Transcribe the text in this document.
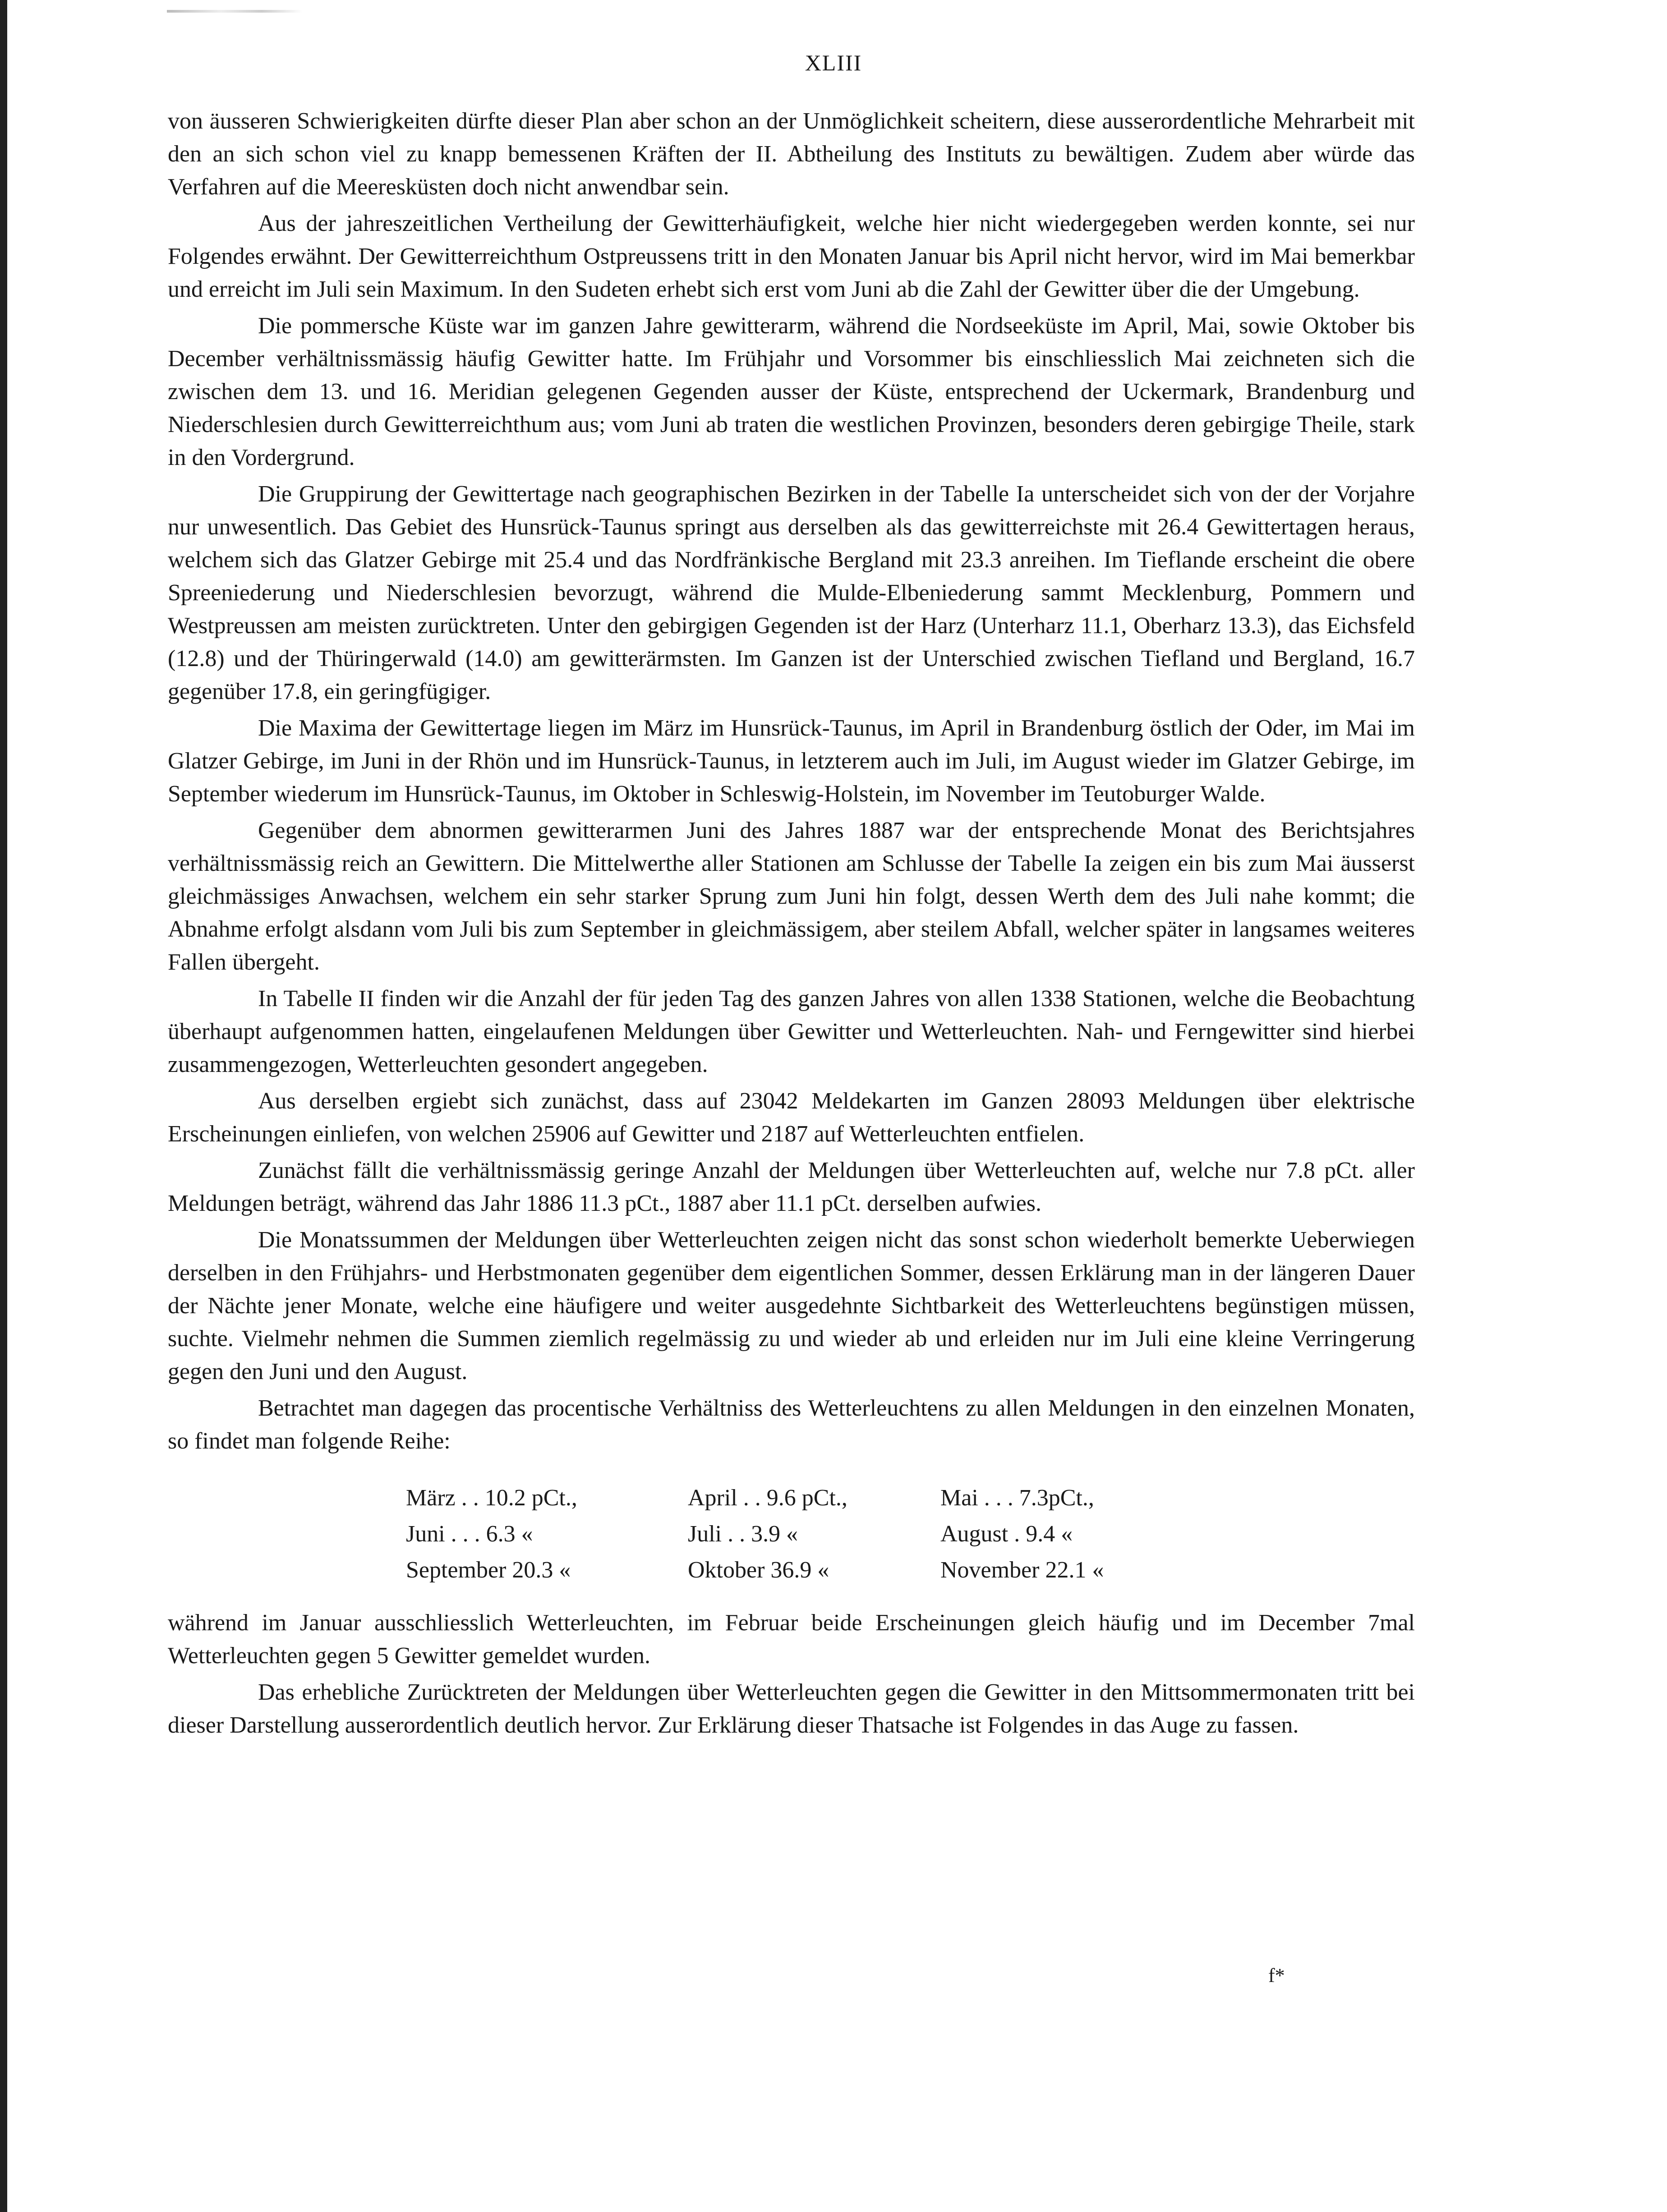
XLIII

von äusseren Schwierigkeiten dürfte dieser Plan aber schon an der Unmöglichkeit scheitern, diese ausserordentliche Mehrarbeit mit den an sich schon viel zu knapp bemessenen Kräften der II. Abtheilung des Instituts zu bewältigen. Zudem aber würde das Verfahren auf die Meeresküsten doch nicht anwendbar sein.

Aus der jahreszeitlichen Vertheilung der Gewitterhäufigkeit, welche hier nicht wiedergegeben werden konnte, sei nur Folgendes erwähnt. Der Gewitterreichthum Ostpreussens tritt in den Monaten Januar bis April nicht hervor, wird im Mai bemerkbar und erreicht im Juli sein Maximum. In den Sudeten erhebt sich erst vom Juni ab die Zahl der Gewitter über die der Umgebung.

Die pommersche Küste war im ganzen Jahre gewitterarm, während die Nordseeküste im April, Mai, sowie Oktober bis December verhältnissmässig häufig Gewitter hatte. Im Frühjahr und Vorsommer bis einschliesslich Mai zeichneten sich die zwischen dem 13. und 16. Meridian gelegenen Gegenden ausser der Küste, entsprechend der Uckermark, Brandenburg und Niederschlesien durch Gewitterreichthum aus; vom Juni ab traten die westlichen Provinzen, besonders deren gebirgige Theile, stark in den Vordergrund.

Die Gruppirung der Gewittertage nach geographischen Bezirken in der Tabelle Ia unterscheidet sich von der der Vorjahre nur unwesentlich. Das Gebiet des Hunsrück-Taunus springt aus derselben als das gewitterreichste mit 26.4 Gewittertagen heraus, welchem sich das Glatzer Gebirge mit 25.4 und das Nordfränkische Bergland mit 23.3 anreihen. Im Tieflande erscheint die obere Spreeniederung und Niederschlesien bevorzugt, während die Mulde-Elbeniederung sammt Mecklenburg, Pommern und Westpreussen am meisten zurücktreten. Unter den gebirgigen Gegenden ist der Harz (Unterharz 11.1, Oberharz 13.3), das Eichsfeld (12.8) und der Thüringerwald (14.0) am gewitterärmsten. Im Ganzen ist der Unterschied zwischen Tiefland und Bergland, 16.7 gegenüber 17.8, ein geringfügiger.

Die Maxima der Gewittertage liegen im März im Hunsrück-Taunus, im April in Brandenburg östlich der Oder, im Mai im Glatzer Gebirge, im Juni in der Rhön und im Hunsrück-Taunus, in letzterem auch im Juli, im August wieder im Glatzer Gebirge, im September wiederum im Hunsrück-Taunus, im Oktober in Schleswig-Holstein, im November im Teutoburger Walde.

Gegenüber dem abnormen gewitterarmen Juni des Jahres 1887 war der entsprechende Monat des Berichtsjahres verhältnissmässig reich an Gewittern. Die Mittelwerthe aller Stationen am Schlusse der Tabelle Ia zeigen ein bis zum Mai äusserst gleichmässiges Anwachsen, welchem ein sehr starker Sprung zum Juni hin folgt, dessen Werth dem des Juli nahe kommt; die Abnahme erfolgt alsdann vom Juli bis zum September in gleichmässigem, aber steilem Abfall, welcher später in langsames weiteres Fallen übergeht.

In Tabelle II finden wir die Anzahl der für jeden Tag des ganzen Jahres von allen 1338 Stationen, welche die Beobachtung überhaupt aufgenommen hatten, eingelaufenen Meldungen über Gewitter und Wetterleuchten. Nah- und Ferngewitter sind hierbei zusammengezogen, Wetterleuchten gesondert angegeben.

Aus derselben ergiebt sich zunächst, dass auf 23042 Meldekarten im Ganzen 28093 Meldungen über elektrische Erscheinungen einliefen, von welchen 25906 auf Gewitter und 2187 auf Wetterleuchten entfielen.

Zunächst fällt die verhältnissmässig geringe Anzahl der Meldungen über Wetterleuchten auf, welche nur 7.8 pCt. aller Meldungen beträgt, während das Jahr 1886 11.3 pCt., 1887 aber 11.1 pCt. derselben aufwies.

Die Monatssummen der Meldungen über Wetterleuchten zeigen nicht das sonst schon wiederholt bemerkte Ueberwiegen derselben in den Frühjahrs- und Herbstmonaten gegenüber dem eigentlichen Sommer, dessen Erklärung man in der längeren Dauer der Nächte jener Monate, welche eine häufigere und weiter ausgedehnte Sichtbarkeit des Wetterleuchtens begünstigen müssen, suchte. Vielmehr nehmen die Summen ziemlich regelmässig zu und wieder ab und erleiden nur im Juli eine kleine Verringerung gegen den Juni und den August.

Betrachtet man dagegen das procentische Verhältniss des Wetterleuchtens zu allen Meldungen in den einzelnen Monaten, so findet man folgende Reihe:

März . . 10.2 pCt.,	April . . 9.6 pCt.,	Mai . . . 7.3pCt.,
Juni . . . 6.3 «	Juli . . 3.9 «	August . 9.4 «
September 20.3 «	Oktober 36.9 «	November 22.1 «

während im Januar ausschliesslich Wetterleuchten, im Februar beide Erscheinungen gleich häufig und im December 7mal Wetterleuchten gegen 5 Gewitter gemeldet wurden.

Das erhebliche Zurücktreten der Meldungen über Wetterleuchten gegen die Gewitter in den Mittsommermonaten tritt bei dieser Darstellung ausserordentlich deutlich hervor. Zur Erklärung dieser Thatsache ist Folgendes in das Auge zu fassen.

f*
